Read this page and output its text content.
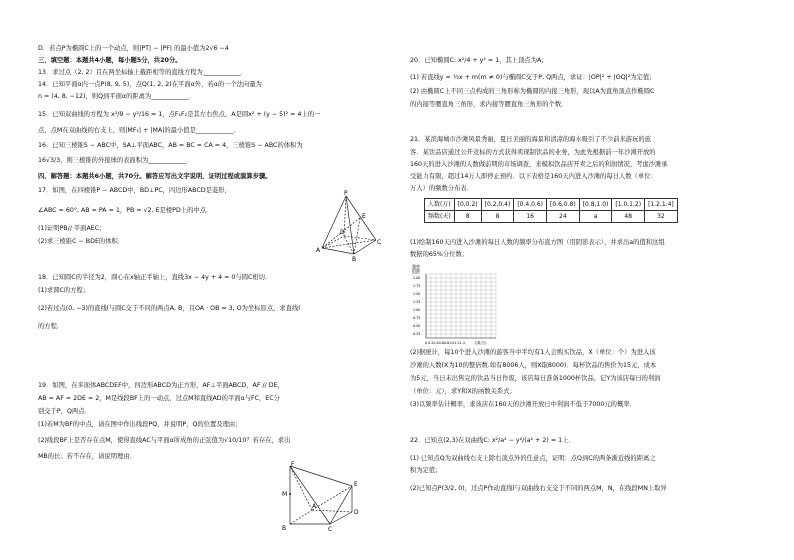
D．若点P为椭圆C上的一个动点，则|PT| − |PF| 的最小值为2√6 −4
三、填空题：本题共4小题，每小题5分，共20分。
13．求过点（2, 2）且在两坐标轴上截距相等的直线方程为____________．
14．已知平面α内一点P(8, 9, 5)，点Q(1, 2, 2)在平面α外，若α的一个法向量为
n = (4, 8, −12)，则Q到平面α的距离为____________．
15．已知双曲线的方程为 x²/9 − y²/16 = 1，点F₁F₂是其左右焦点，A是圆x² + (y − 5)² = 4上的一
点，点M在双曲线的右支上，则|MF₁| + |MA|的最小值是____________．
16．已知三棱锥S − ABC中，SA⊥平面ABC，AB = BC = CA = 4，三棱锥S − ABC的体积为
16√3/3，则三棱锥的外接球的表面积为____________．
四、解答题：本题共6小题，共70分。解答应写出文字说明、证明过程或演算步骤。
17．如图，在四棱锥P − ABCD中，BD⊥PC，四边形ABCD是菱形，
∠ABC = 60°, AB = PA = 1，PB = √2, E是棱PD上的中点．
(1)证明PB// 平面AEC；
(2)求三棱锥C − BDE的体积．
18．已知圆C的半径为2，圆心在x轴正半轴上，直线3x − 4y + 4 = 0与圆C相切．
(1)求圆C的方程；
(2)若过点(0, −3)的直线l与圆C交于不同的两点A, B，且OA · OB = 3, O为坐标原点，求直线l
的方程．
19．如图，在多面体ABCDEF中，四边形ABCD为正方形，AF⊥平面ABCD，AF // DE，
AB = AF = 2DE = 2，M是线段BF上的一动点，过点M和直线AD的平面α与FC，EC分
别交于P，Q两点．
(1)若M为BF的中点，请在图中作出线段PQ，并说明P，Q的位置及理由；
(2)线段BF上是否存在点M，使得直线AC与平面α所成角的正弦值为√10/10？若存在，求出
MB的长；若不存在，请说明理由．
P
E
A
B
C
D
F
E
M
B
A
C
D
20．已知椭圆C: x²/4 + y² = 1，其上顶点为A；
(1) 若直线y = ½x + m(m ≠ 0)与椭圆C交于P, Q两点，求证：|OP|² + |OQ|²为定值；
(2) 由椭圆C上不同三点构成的三角形称为椭圆的内接三角形，现以A为直角顶点作椭圆C
的内接等腰直角三角形，求内接等腰直角三角形的个数．
21．某滨海城市沙滩风景秀丽，夏日美丽的海景和清凉的海水吸引了不少前来游玩的旅
客．某饮品店通过公开竞标的方式获得卖现制饮品的业务，为此先根据前一年沙滩开放的
160天的进入沙滩的人数做前期的市场调查，来模拟饮品店开卖之后的利润情况，考虑沙滩承
受能力有限，超过14万人即停止预约．以下表格是160天内进入沙滩的每日人数（单位：
万人）的频数分布表．
人数(万)	[0,0.2)	[0.2,0.4)	[0.4,0.6)	[0.6,0.8)	[0.8,1.0)	[1.0,1.2)	[1.2,1.4]
频数(天)	8	8	16	24	a	48	32
(1)绘制160天内进入沙滩的每日人数的频率分布直方图（用阴影表示），并求出a的值和这组
数据的65%分位数；
频率
组距
2.00
1.75
1.50
1.25
1.00
0.75
0.50
0.25
0 0.20.40.60.81.01.21.4	人数(万)
(2)据统计，每10个进入沙滩的游客当中平均有1人会购买饮品，X（单位：个）为进入该
沙滩的人数(X为10的整倍数.如有8006人，则X取8000)．每杯饮品的售价为15元，成本
为5元，当日未出售完的饮品当日作废，该店每日准备1000杯饮品，记Y为该店每日的利润
（单位：元），求Y和X的函数关系式；
(3)以频率估计概率，求该店在160天的沙滩开放日中利润不低于7000元的概率．
22．已知点(2,3)在双曲线C: x²/a² − y²/(a² + 2) = 1上．
(1) 已知点Q为双曲线右支上除右顶点外的任意点，证明：点Q到C的两条渐近线的距离之
积为定值；
(2)已知点P(3/2, 0)，过点P作动直线l与双曲线右支交于不同的两点M，N，在线段MN上取异
